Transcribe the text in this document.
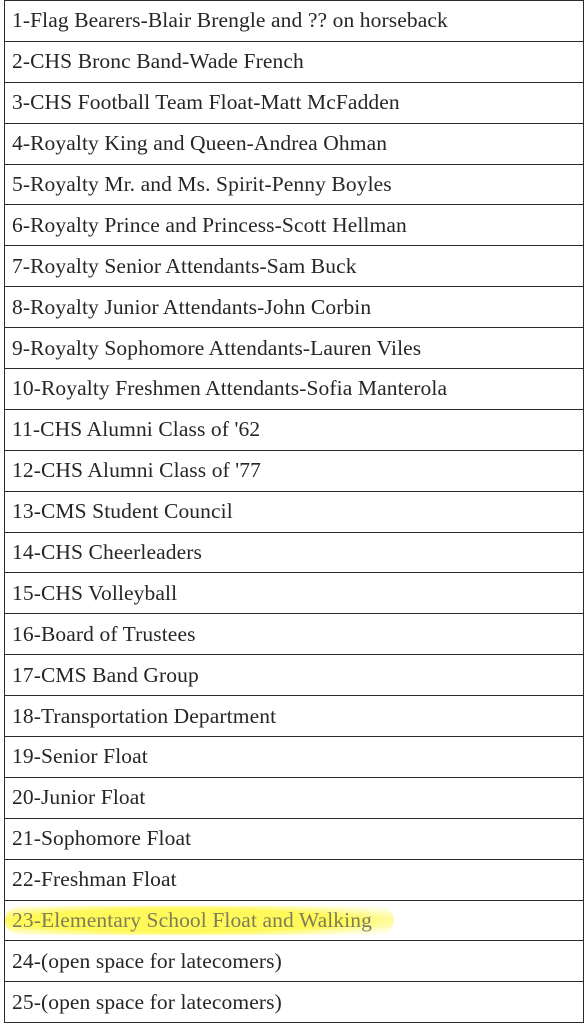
1-Flag Bearers-Blair Brengle and ?? on horseback
2-CHS Bronc Band-Wade French
3-CHS Football Team Float-Matt McFadden
4-Royalty King and Queen-Andrea Ohman
5-Royalty Mr. and Ms. Spirit-Penny Boyles
6-Royalty Prince and Princess-Scott Hellman
7-Royalty Senior Attendants-Sam Buck
8-Royalty Junior Attendants-John Corbin
9-Royalty Sophomore Attendants-Lauren Viles
10-Royalty Freshmen Attendants-Sofia Manterola
11-CHS Alumni Class of '62
12-CHS Alumni Class of '77
13-CMS Student Council
14-CHS Cheerleaders
15-CHS Volleyball
16-Board of Trustees
17-CMS Band Group
18-Transportation Department
19-Senior Float
20-Junior Float
21-Sophomore Float
22-Freshman Float
23-Elementary School Float and Walking
24-(open space for latecomers)
25-(open space for latecomers)
